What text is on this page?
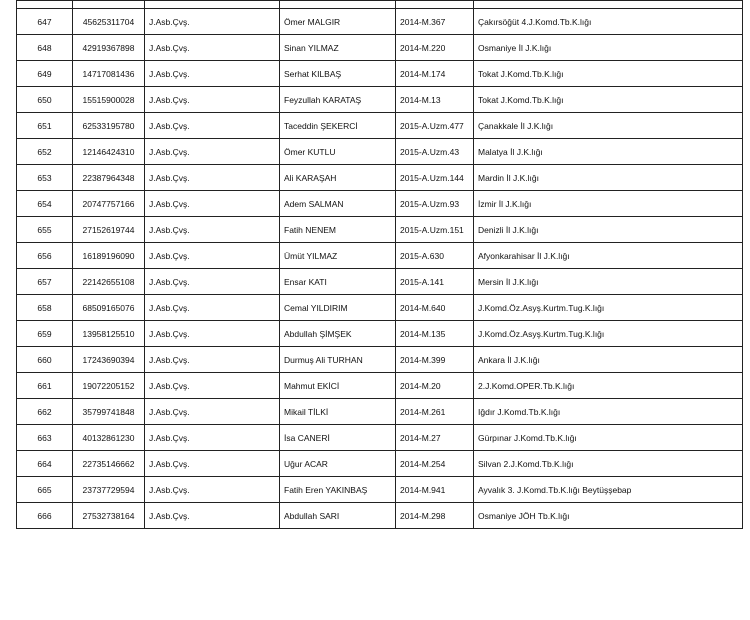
647	45625311704	J.Asb.Çvş.	Ömer MALGIR	2014-M.367	Çakırsöğüt 4.J.Komd.Tb.K.lığı
648	42919367898	J.Asb.Çvş.	Sinan YILMAZ	2014-M.220	Osmaniye İl J.K.lığı
649	14717081436	J.Asb.Çvş.	Serhat KILBAŞ	2014-M.174	Tokat J.Komd.Tb.K.lığı
650	15515900028	J.Asb.Çvş.	Feyzullah KARATAŞ	2014-M.13	Tokat J.Komd.Tb.K.lığı
651	62533195780	J.Asb.Çvş.	Taceddin ŞEKERCİ	2015-A.Uzm.477	Çanakkale İl J.K.lığı
652	12146424310	J.Asb.Çvş.	Ömer KUTLU	2015-A.Uzm.43	Malatya İl J.K.lığı
653	22387964348	J.Asb.Çvş.	Ali KARAŞAH	2015-A.Uzm.144	Mardin İl J.K.lığı
654	20747757166	J.Asb.Çvş.	Adem SALMAN	2015-A.Uzm.93	İzmir İl J.K.lığı
655	27152619744	J.Asb.Çvş.	Fatih NENEM	2015-A.Uzm.151	Denizli İl J.K.lığı
656	16189196090	J.Asb.Çvş.	Ümüt YILMAZ	2015-A.630	Afyonkarahisar İl J.K.lığı
657	22142655108	J.Asb.Çvş.	Ensar KATI	2015-A.141	Mersin İl J.K.lığı
658	68509165076	J.Asb.Çvş.	Cemal YILDIRIM	2014-M.640	J.Komd.Öz.Asyş.Kurtm.Tug.K.lığı
659	13958125510	J.Asb.Çvş.	Abdullah ŞİMŞEK	2014-M.135	J.Komd.Öz.Asyş.Kurtm.Tug.K.lığı
660	17243690394	J.Asb.Çvş.	Durmuş Ali TURHAN	2014-M.399	Ankara İl J.K.lığı
661	19072205152	J.Asb.Çvş.	Mahmut EKİCİ	2014-M.20	2.J.Komd.OPER.Tb.K.lığı
662	35799741848	J.Asb.Çvş.	Mikail TİLKİ	2014-M.261	Iğdır J.Komd.Tb.K.lığı
663	40132861230	J.Asb.Çvş.	İsa CANERİ	2014-M.27	Gürpınar J.Komd.Tb.K.lığı
664	22735146662	J.Asb.Çvş.	Uğur ACAR	2014-M.254	Silvan 2.J.Komd.Tb.K.lığı
665	23737729594	J.Asb.Çvş.	Fatih Eren YAKINBAŞ	2014-M.941	Ayvalık 3. J.Komd.Tb.K.lığı Beytüşşebap
666	27532738164	J.Asb.Çvş.	Abdullah SARI	2014-M.298	Osmaniye JÖH Tb.K.lığı
